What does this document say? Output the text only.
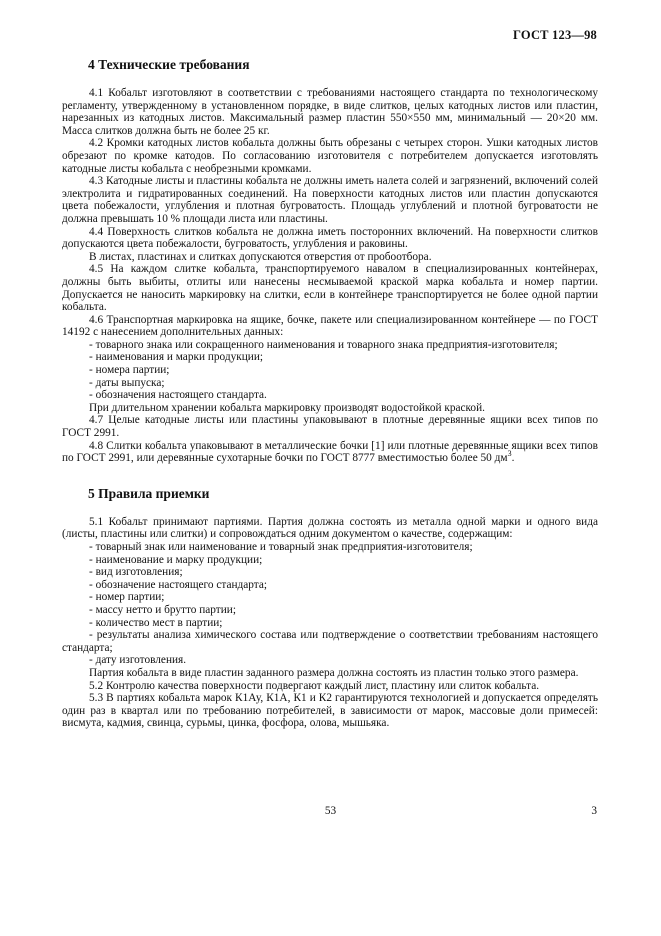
ГОСТ 123—98
4 Технические требования

4.1 Кобальт изготовляют в соответствии с требованиями настоящего стандарта по технологическому регламенту, утвержденному в установленном порядке, в виде слитков, целых катодных листов или пластин, нарезанных из катодных листов. Максимальный размер пластин 550×550 мм, минимальный — 20×20 мм. Масса слитков должна быть не более 25 кг.

4.2 Кромки катодных листов кобальта должны быть обрезаны с четырех сторон. Ушки катодных листов обрезают по кромке катодов. По согласованию изготовителя с потребителем допускается изготовлять катодные листы кобальта с необрезными кромками.

4.3 Катодные листы и пластины кобальта не должны иметь налета солей и загрязнений, включений солей электролита и гидратированных соединений. На поверхности катодных листов или пластин допускаются цвета побежалости, углубления и плотная бугроватость. Площадь углублений и плотной бугроватости не должна превышать 10 % площади листа или пластины.

4.4 Поверхность слитков кобальта не должна иметь посторонних включений. На поверхности слитков допускаются цвета побежалости, бугроватость, углубления и раковины.

В листах, пластинах и слитках допускаются отверстия от пробоотбора.

4.5 На каждом слитке кобальта, транспортируемого навалом в специализированных контейнерах, должны быть выбиты, отлиты или нанесены несмываемой краской марка кобальта и номер партии. Допускается не наносить маркировку на слитки, если в контейнере транспортируется не более одной партии кобальта.

4.6 Транспортная маркировка на ящике, бочке, пакете или специализированном контейнере — по ГОСТ 14192 с нанесением дополнительных данных:

- товарного знака или сокращенного наименования и товарного знака предприятия-изготовителя;

- наименования и марки продукции;

- номера партии;

- даты выпуска;

- обозначения настоящего стандарта.

При длительном хранении кобальта маркировку производят водостойкой краской.

4.7 Целые катодные листы или пластины упаковывают в плотные деревянные ящики всех типов по ГОСТ 2991.

4.8 Слитки кобальта упаковывают в металлические бочки [1] или плотные деревянные ящики всех типов по ГОСТ 2991, или деревянные сухотарные бочки по ГОСТ 8777 вместимостью более 50 $дм^3$.

5 Правила приемки

5.1 Кобальт принимают партиями. Партия должна состоять из металла одной марки и одного вида (листы, пластины или слитки) и сопровождаться одним документом о качестве, содержащим:

- товарный знак или наименование и товарный знак предприятия-изготовителя;

- наименование и марку продукции;

- вид изготовления;

- обозначение настоящего стандарта;

- номер партии;

- массу нетто и брутто партии;

- количество мест в партии;

- результаты анализа химического состава или подтверждение о соответствии требованиям настоящего стандарта;

- дату изготовления.

Партия кобальта в виде пластин заданного размера должна состоять из пластин только этого размера.

5.2 Контролю качества поверхности подвергают каждый лист, пластину или слиток кобальта.

5.3 В партиях кобальта марок К1Ау, К1А, К1 и К2 гарантируются технологией и допускается определять один раз в квартал или по требованию потребителей, в зависимости от марок, массовые доли примесей: висмута, кадмия, свинца, сурьмы, цинка, фосфора, олова, мышьяка.

53	3
